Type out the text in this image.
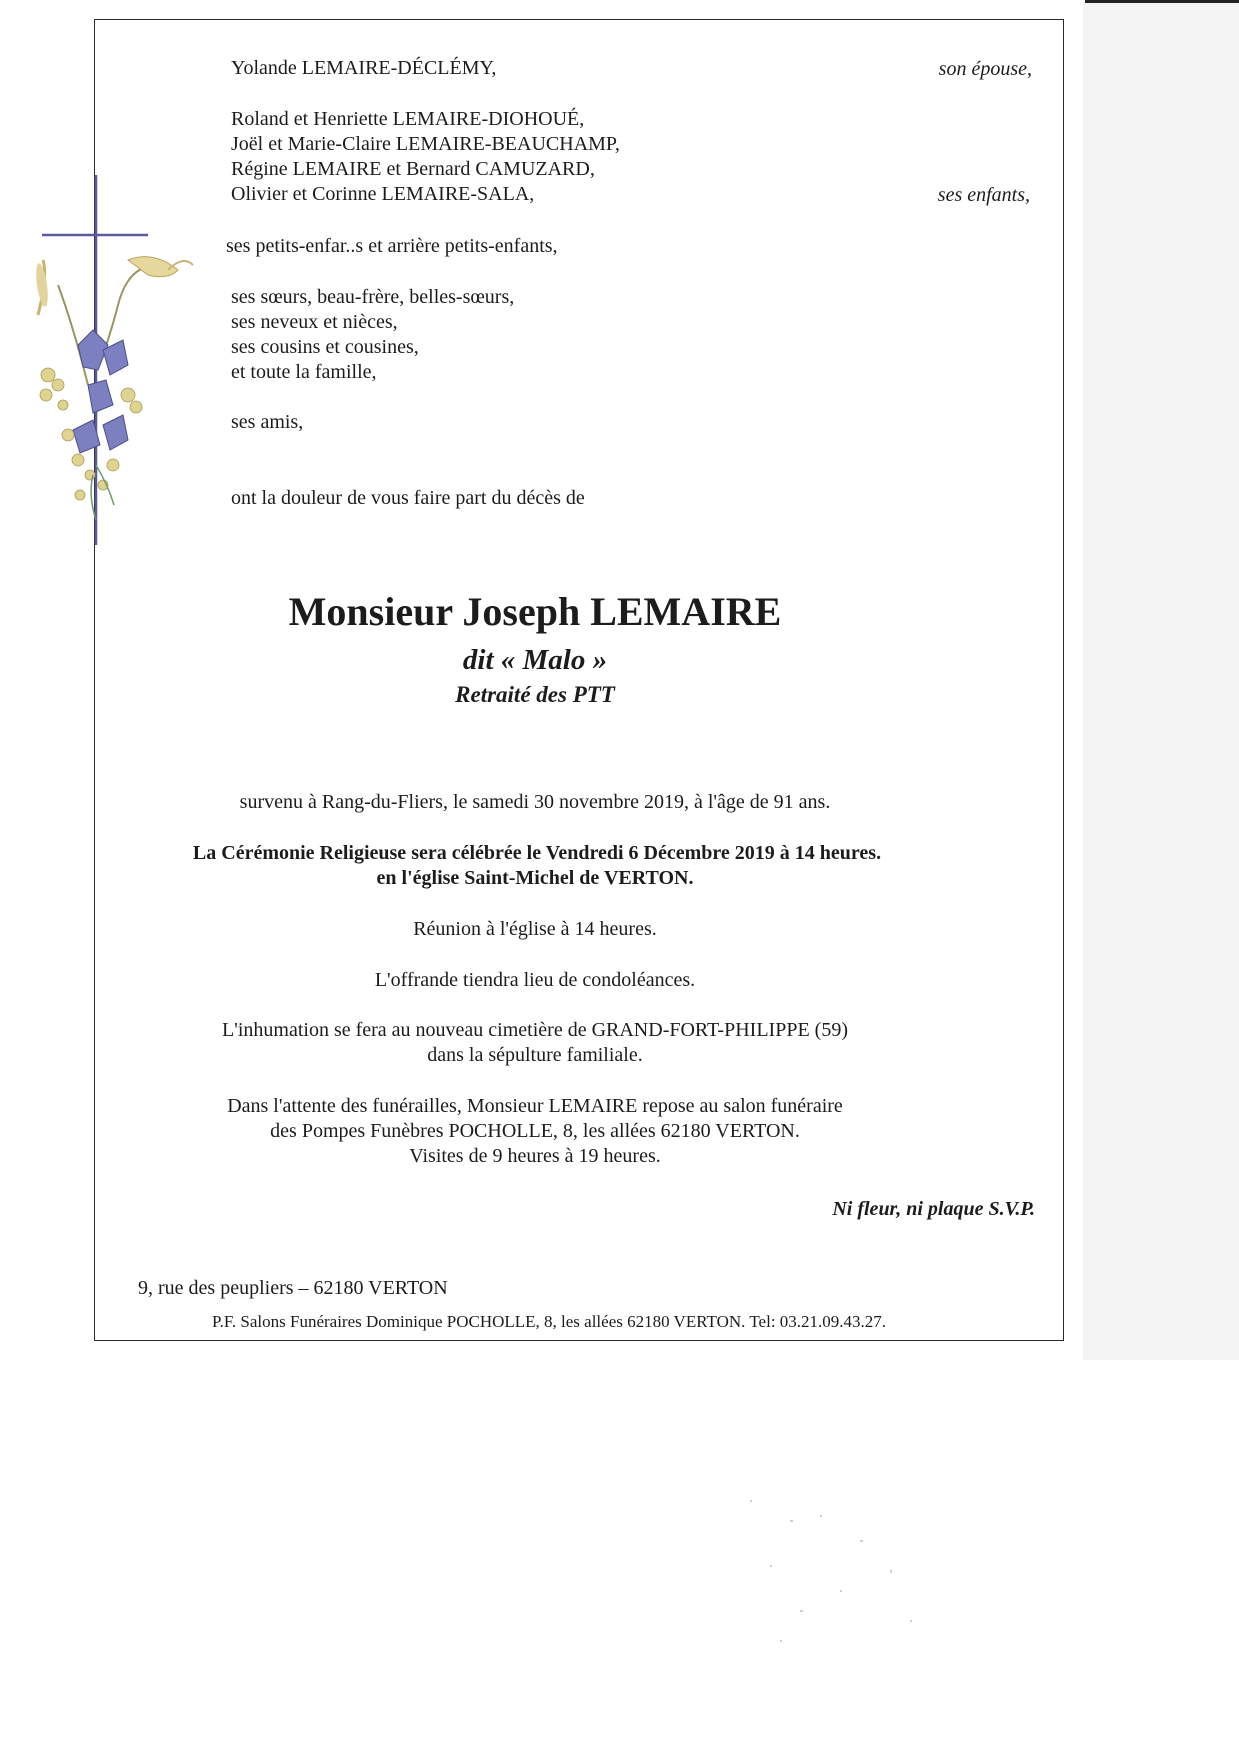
Yolande LEMAIRE-DÉCLÉMY,	son épouse,
Roland et Henriette LEMAIRE-DIOHOUÉ,
Joël et Marie-Claire LEMAIRE-BEAUCHAMP,
Régine LEMAIRE et Bernard CAMUZARD,
Olivier et Corinne LEMAIRE-SALA,	ses enfants,
ses petits-enfar..s et arrière petits-enfants,
ses sœurs, beau-frère, belles-sœurs,
ses neveux et nièces,
ses cousins et cousines,
et toute la famille,
ses amis,
ont la douleur de vous faire part du décès de
Monsieur Joseph LEMAIRE
dit « Malo »
Retraité des PTT
survenu à Rang-du-Fliers, le samedi 30 novembre 2019, à l'âge de 91 ans.
La Cérémonie Religieuse sera célébrée le Vendredi 6 Décembre 2019 à 14 heures.
en l'église Saint-Michel de VERTON.
Réunion à l'église à 14 heures.
L'offrande tiendra lieu de condoléances.
L'inhumation se fera au nouveau cimetière de GRAND-FORT-PHILIPPE (59)
dans la sépulture familiale.
Dans l'attente des funérailles, Monsieur LEMAIRE repose au salon funéraire
des Pompes Funèbres POCHOLLE, 8, les allées 62180 VERTON.
Visites de 9 heures à 19 heures.
Ni fleur, ni plaque S.V.P.
9, rue des peupliers – 62180 VERTON
P.F. Salons Funéraires Dominique POCHOLLE, 8, les allées 62180 VERTON. Tel: 03.21.09.43.27.
